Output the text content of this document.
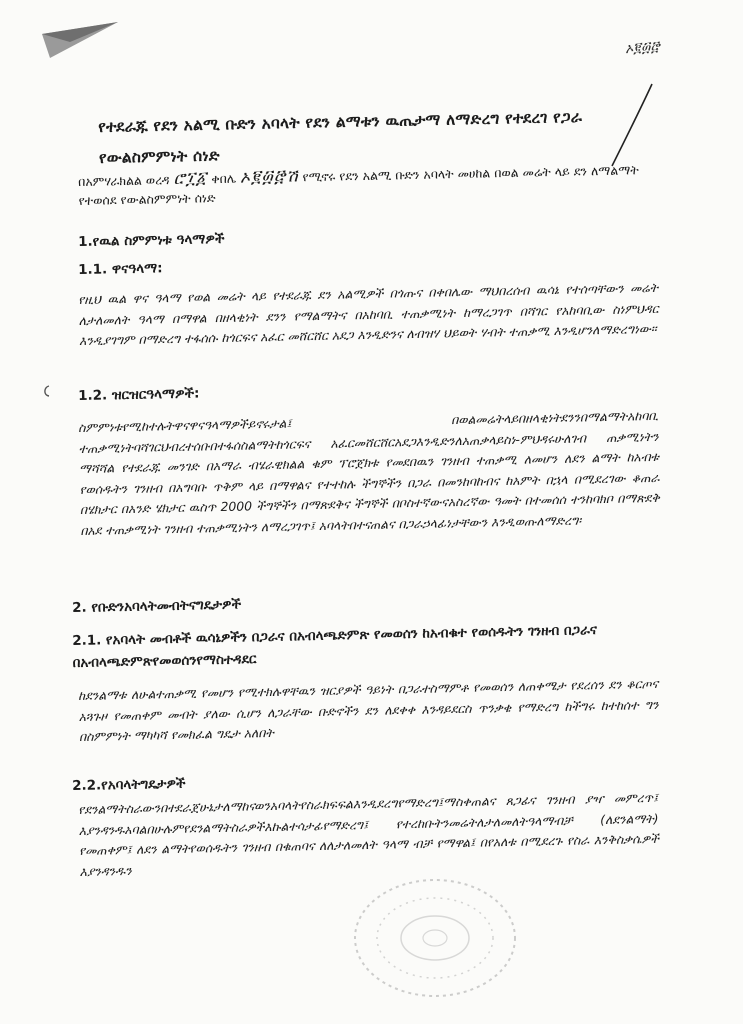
ኦ፪፴፸
የተደራጁ የደን አልሚ ቡድን አባላት የደን ልማቱን ዉጤታማ ለማድረግ የተደረገ የጋራ የውልስምምነት ሰነድ
በአምሃራክልል ወረዳ ሮ፲፩ ቀበሌ ኦ፪፴፸ሽ የሚኖሩ የደን አልሚ ቡድን አባላት መሀከል በወል መሬት ላይ ደን ለማልማት የተወሰደ የውልስምምነት ሰነድ
1.የዉል ስምምነቱ ዓላማዎች
1.1. ዋናዓላማ:
የዚህ ዉል ዋና ዓላማ የወል መሬት ላይ የተደራጁ ደን አልሚዎች በጎጡና በቀበሌው ማህበረሰብ ዉሳኔ የተሰጣቸውን መሬት ለታለመለት ዓላማ በማዋል በዘላቂነት ደንን የማልማትና በአከባቢ ተጠቃሚነት ከማረጋገጥ በሻገር የአከባቢው ስነምህዳር እንዲያገግም በማድረግ ተፋሰሱ ከጎርፍና አፈር መሸርሸር አደጋ እንዲድንና ለብዝሃ ህይወት ሃብት ተጠቃሚ እንዲሆንለማድረግነው።
1.2. ዝርዝርዓላማዎች:
ስምምነቱየሚከተሉትዋናዋናዓላማዎችይኖሩታል፤ በወልመሬትላይበዘላቂነትደንንበማልማትአከባቢ ተጠቃሚነትባሻገርህብረተሰቡበተፋሰስልማትከጎርፍና አፈርመሸርሸርአደጋእንዲድንለአጠቃላይስነ-ምህዳሩሁለገብ ጠቃሚነትን ማሻሻል የተደራጁ መንገድ በአማራ ብሄራዊክልል ቁም ፕሮጀክቱ የመደበዉን ገንዘብ ተጠቃሚ ለመሆን ለደን ልማት ከአብቱ የወሰዱትን ገንዘብ በአግባቡ ጥቅም ላይ በማዋልና የተተከሉ ችግኞችን በጋራ በመንከባከብና ከአምት በኋላ በሚደረገው ቆጠራ በሄክታር በአንድ ሄክታር ዉስጥ 2000 ችግኞችን በማጽደቅና ችግኞች በቦስተኛውናአስረኛው ዓመት በተመሰሰ ተንከባክቦ በማጽደቅ በአደ ተጠቃሚነት ገንዘብ ተጠቃሚነትን ለማረጋገጥ፤ አባላትበተናጠልና በጋራኃላፊነታቸውን እንዲወጡለማድረግ፡
2. የቡድንአባላትመብትናግዴታዎች
2.1. የአባላት መብቶች ዉሳኔዎችን በጋራና በአብላጫድምጽ የመወሰን ከአብቁተ የወሰዱትን ገንዘብ በጋራና በአብላጫድምጽየመወሰንየማስተዳደር
ከደንልማቱ ለሁልተጠቃሚ የመሆን የሚተክሉዋቸዉን ዝርያዎች ዓይነት በጋራተስማምቶ የመወሰን ለጠቀሜታ የደረሰን ደን ቆርጦና አጓጉዞ የመጠቀም መብት ያለው ሲሆን ለጋራቸው ቡድኖችን ደን ለደቀቀ እንዳይደርስ ጥንቃቄ የማድረግ ከችግሩ ከተከሰተ ግን በስምምነት ማካካሻ የመክፈል ግዴታ አለበት
2.2.የአባላትግዴታዎች
የደንልማትስራውንበተደራጀሁኔታለማከናወንአባላትየስራክፍፍልእንዲደረግየማድረግ፤ማስቀጠልና ጸጋፊና ገንዘብ ያዣ መምረጥ፤ እያንዳንዱአባልበሁሉምየደንልማትስራዎችእኩልተሳታፊየማድረግ፤ የተረከቡትንመሬትለታለመለትዓላማብቻ (ለደንልማት) የመጠቀም፤ ለደን ልማትየወሰዱትን ገንዘብ በቁጠባና ለለታለመለት ዓላማ ብቻ የማዋል፤ በየአለቱ በሚደረጉ የስራ እንቅስቃሴዎች እያንዳንዱን
